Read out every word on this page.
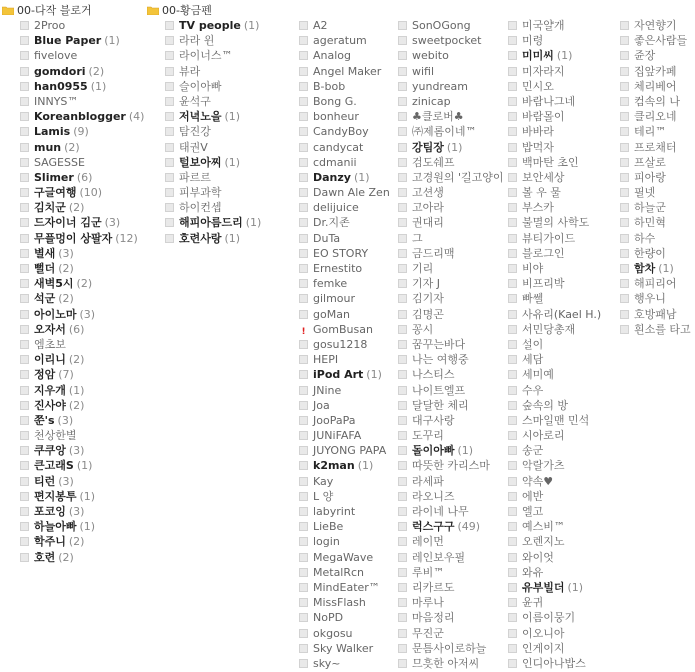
00-다작 블로거
2Proo
Blue Paper (1)
fivelove
gomdori (2)
han0955 (1)
INNYS™
Koreanblogger (4)
Lamis (9)
mun (2)
SAGESSE
Slimer (6)
구글여행 (10)
김치군 (2)
드자이너 김군 (3)
무플멍이 상팔자 (12)
별새 (3)
뻘더 (2)
새벽5시 (2)
석군 (2)
아이노마 (3)
오자서 (6)
엠초보
이리니 (2)
정암 (7)
지우개 (1)
진사야 (2)
쭌's (3)
천상한별
쿠쿠앙 (3)
큰고래S (1)
티런 (3)
편지봉투 (1)
포코잉 (3)
하늘아빠 (1)
학주니 (2)
호련 (2)
00-황금펜
TV people (1)
라라 윈
라이너스™
뷰라
슬이아빠
윤석구
저녁노을 (1)
탐진강
태권V
털보아찌 (1)
파르르
피부과학
하이컨셉
해피아름드리 (1)
호련사랑 (1)
A2
ageratum
Analog
Angel Maker
B-bob
Bong G.
bonheur
CandyBoy
candycat
cdmanii
Danzy (1)
Dawn Ale Zen
delijuice
Dr.지존
DuTa
EO STORY
Ernestito
femke
gilmour
goMan
! GomBusan
gosu1218
HEPI
iPod Art (1)
JNine
Joa
JooPaPa
JUNiFAFA
JUYONG PAPA
k2man (1)
Kay
L 양
labyrint
LieBe
login
MegaWave
MetalRcn
MindEater™
MissFlash
NoPD
okgosu
Sky Walker
sky~
SonOGong
sweetpocket
webito
wifil
yundream
zinicap
♣클로버♣
㈜제롬이네™
강팀장 (1)
검도쉐프
고경원의 '길고양이
고션생
고아라
권대리
그
금드리맥
기리
기자 J
김기자
김명곤
꽁시
꿈꾸는바다
나는 여행중
나스티스
나이트엘프
달달한 체리
대구사랑
도꾸리
돌이아빠 (1)
따뜻한 카리스마
라세파
라오니즈
라이네 나무
럭스구구 (49)
레이먼
레인보우필
루비™
리카르도
마루나
마음정리
무진군
문틈사이로하늘
므흣한 아저씨
미국얄개
미령
미미씨 (1)
미자라지
민시오
바람나그네
바람몰이
바바라
밥먹자
백마탄 초인
보안세상
볼 우 물
부스카
불멸의 사학도
뷰티가이드
블로그인
비야
비프리박
빠쎌
사유리(Kael H.)
서민당총재
설이
세담
세미예
수우
숲속의 방
스마일맨 민석
시아로리
송군
악랄가츠
약속♥
에반
엘고
예스비™
오렌지노
와이엇
와유
유부빌더 (1)
윤귀
이름이뭉기
이오니아
인게이지
인디아나밥스
자연향기
좋은사람들
쥰장
집앞카페
체리베어
컴속의 나
클리오네
테리™
프로채터
프살로
피아랑
필넷
하늘군
하민혁
하수
한량이
함차 (1)
해피리어
행우니
호방패남
흰소를 타고
